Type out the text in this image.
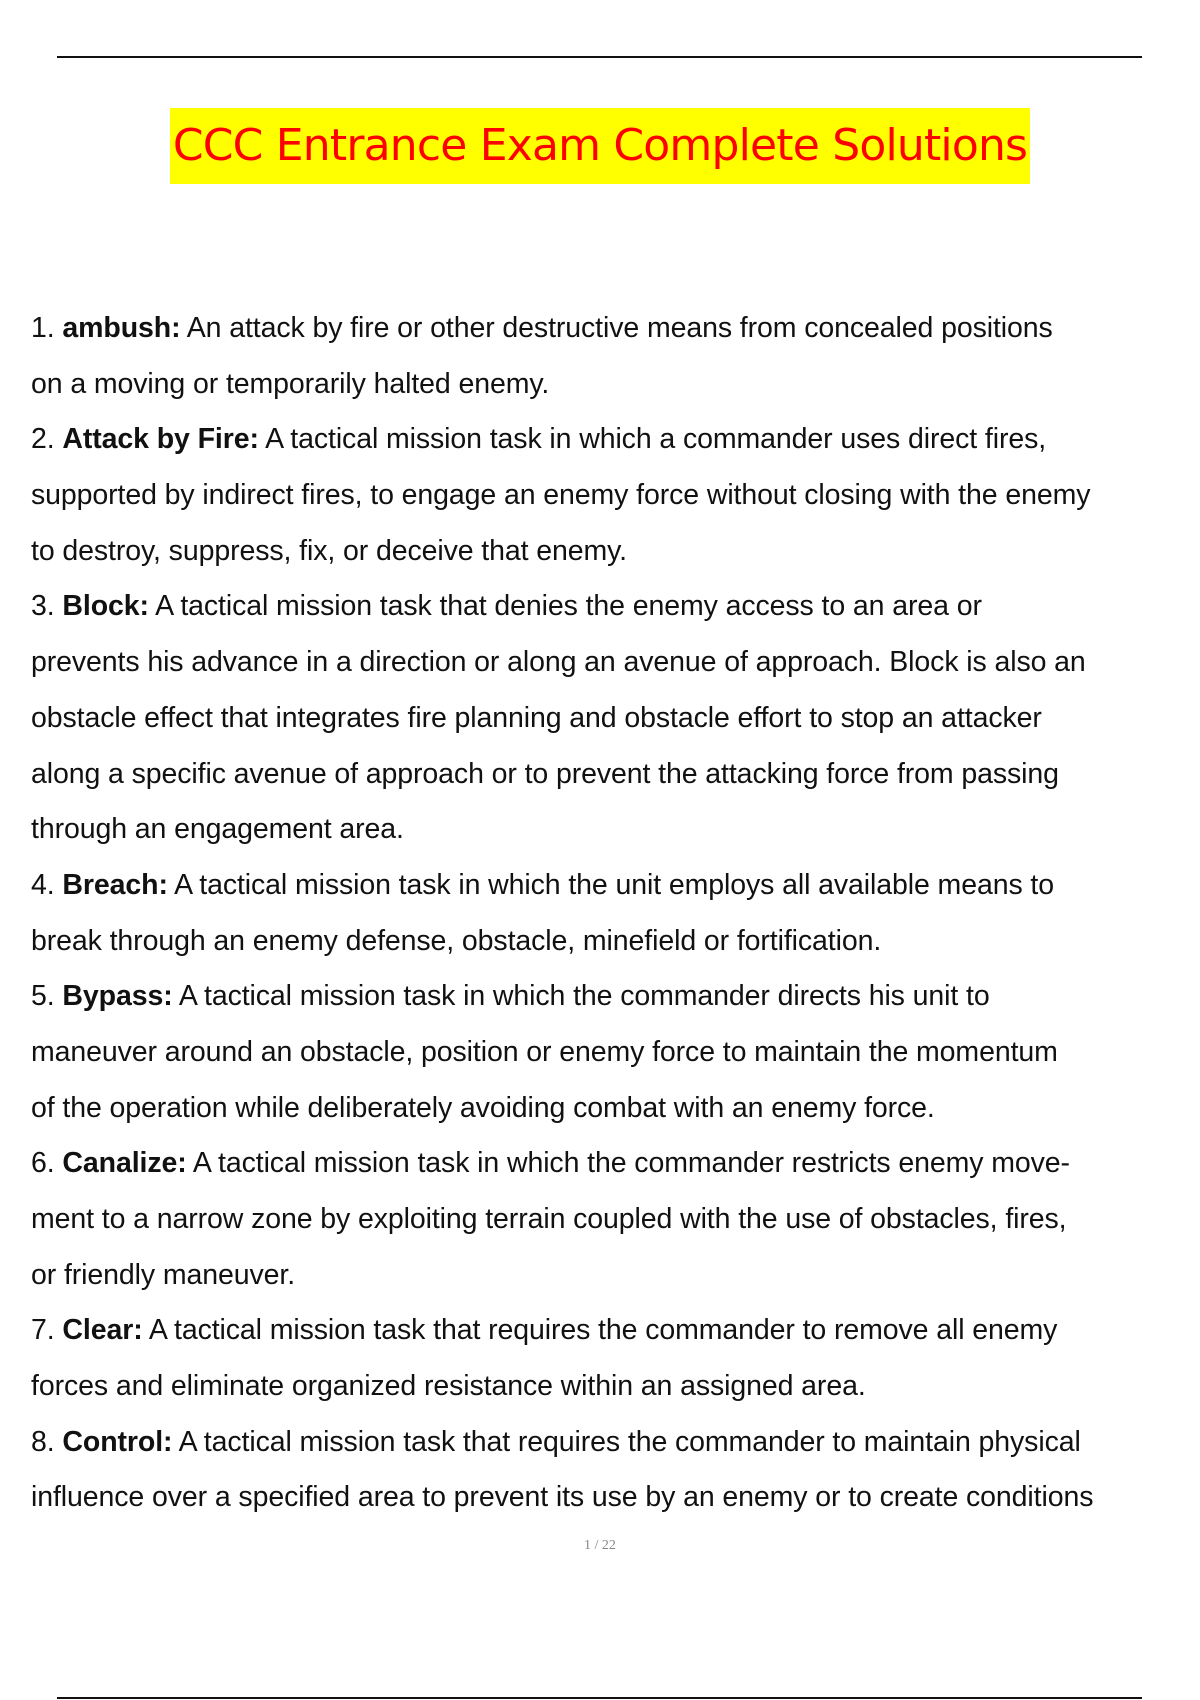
CCC Entrance Exam Complete Solutions
1. ambush: An attack by fire or other destructive means from concealed positions
on a moving or temporarily halted enemy.
2. Attack by Fire: A tactical mission task in which a commander uses direct fires,
supported by indirect fires, to engage an enemy force without closing with the enemy
to destroy, suppress, fix, or deceive that enemy.
3. Block: A tactical mission task that denies the enemy access to an area or
prevents his advance in a direction or along an avenue of approach. Block is also an
obstacle effect that integrates fire planning and obstacle effort to stop an attacker
along a specific avenue of approach or to prevent the attacking force from passing
through an engagement area.
4. Breach: A tactical mission task in which the unit employs all available means to
break through an enemy defense, obstacle, minefield or fortification.
5. Bypass: A tactical mission task in which the commander directs his unit to
maneuver around an obstacle, position or enemy force to maintain the momentum
of the operation while deliberately avoiding combat with an enemy force.
6. Canalize: A tactical mission task in which the commander restricts enemy move-
ment to a narrow zone by exploiting terrain coupled with the use of obstacles, fires,
or friendly maneuver.
7. Clear: A tactical mission task that requires the commander to remove all enemy
forces and eliminate organized resistance within an assigned area.
8. Control: A tactical mission task that requires the commander to maintain physical
influence over a specified area to prevent its use by an enemy or to create conditions
1 / 22
